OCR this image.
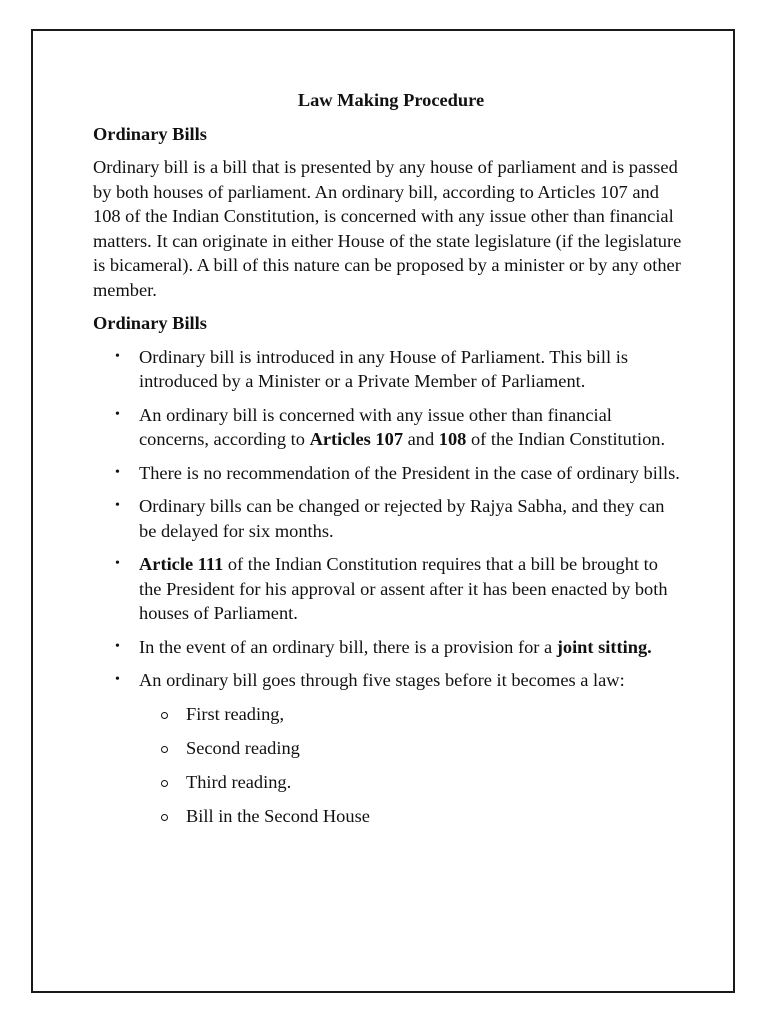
Law Making Procedure
Ordinary Bills

Ordinary bill is a bill that is presented by any house of parliament and is passed by both houses of parliament. An ordinary bill, according to Articles 107 and 108 of the Indian Constitution, is concerned with any issue other than financial matters. It can originate in either House of the state legislature (if the legislature is bicameral). A bill of this nature can be proposed by a minister or by any other member.

Ordinary Bills
• Ordinary bill is introduced in any House of Parliament. This bill is introduced by a Minister or a Private Member of Parliament.
• An ordinary bill is concerned with any issue other than financial concerns, according to Articles 107 and 108 of the Indian Constitution.
• There is no recommendation of the President in the case of ordinary bills.
• Ordinary bills can be changed or rejected by Rajya Sabha, and they can be delayed for six months.
• Article 111 of the Indian Constitution requires that a bill be brought to the President for his approval or assent after it has been enacted by both houses of Parliament.
• In the event of an ordinary bill, there is a provision for a joint sitting.
• An ordinary bill goes through five stages before it becomes a law:
First reading,
Second reading
Third reading.
Bill in the Second House
